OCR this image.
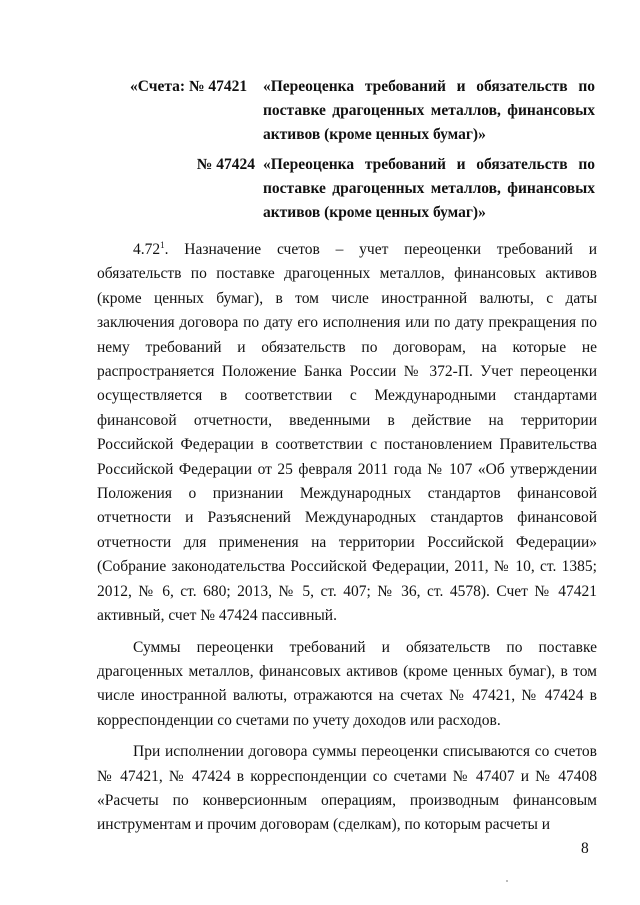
«Счета: № 47421	«Переоценка требований и обязательств по поставке драгоценных металлов, финансовых активов (кроме ценных бумаг)»
№ 47424 «Переоценка требований и обязательств по поставке драгоценных металлов, финансовых активов (кроме ценных бумаг)»

4.72$^1$. Назначение счетов – учет переоценки требований и обязательств по поставке драгоценных металлов, финансовых активов (кроме ценных бумаг), в том числе иностранной валюты, с даты заключения договора по дату его исполнения или по дату прекращения по нему требований и обязательств по договорам, на которые не распространяется Положение Банка России № 372-П. Учет переоценки осуществляется в соответствии с Международными стандартами финансовой отчетности, введенными в действие на территории Российской Федерации в соответствии с постановлением Правительства Российской Федерации от 25 февраля 2011 года № 107 «Об утверждении Положения о признании Международных стандартов финансовой отчетности и Разъяснений Международных стандартов финансовой отчетности для применения на территории Российской Федерации» (Собрание законодательства Российской Федерации, 2011, № 10, ст. 1385; 2012, № 6, ст. 680; 2013, № 5, ст. 407; № 36, ст. 4578). Счет № 47421 активный, счет № 47424 пассивный.

Суммы переоценки требований и обязательств по поставке драгоценных металлов, финансовых активов (кроме ценных бумаг), в том числе иностранной валюты, отражаются на счетах № 47421, № 47424 в корреспонденции со счетами по учету доходов или расходов.

При исполнении договора суммы переоценки списываются со счетов № 47421, № 47424 в корреспонденции со счетами № 47407 и № 47408 «Расчеты по конверсионным операциям, производным финансовым инструментам и прочим договорам (сделкам), по которым расчеты и

8
